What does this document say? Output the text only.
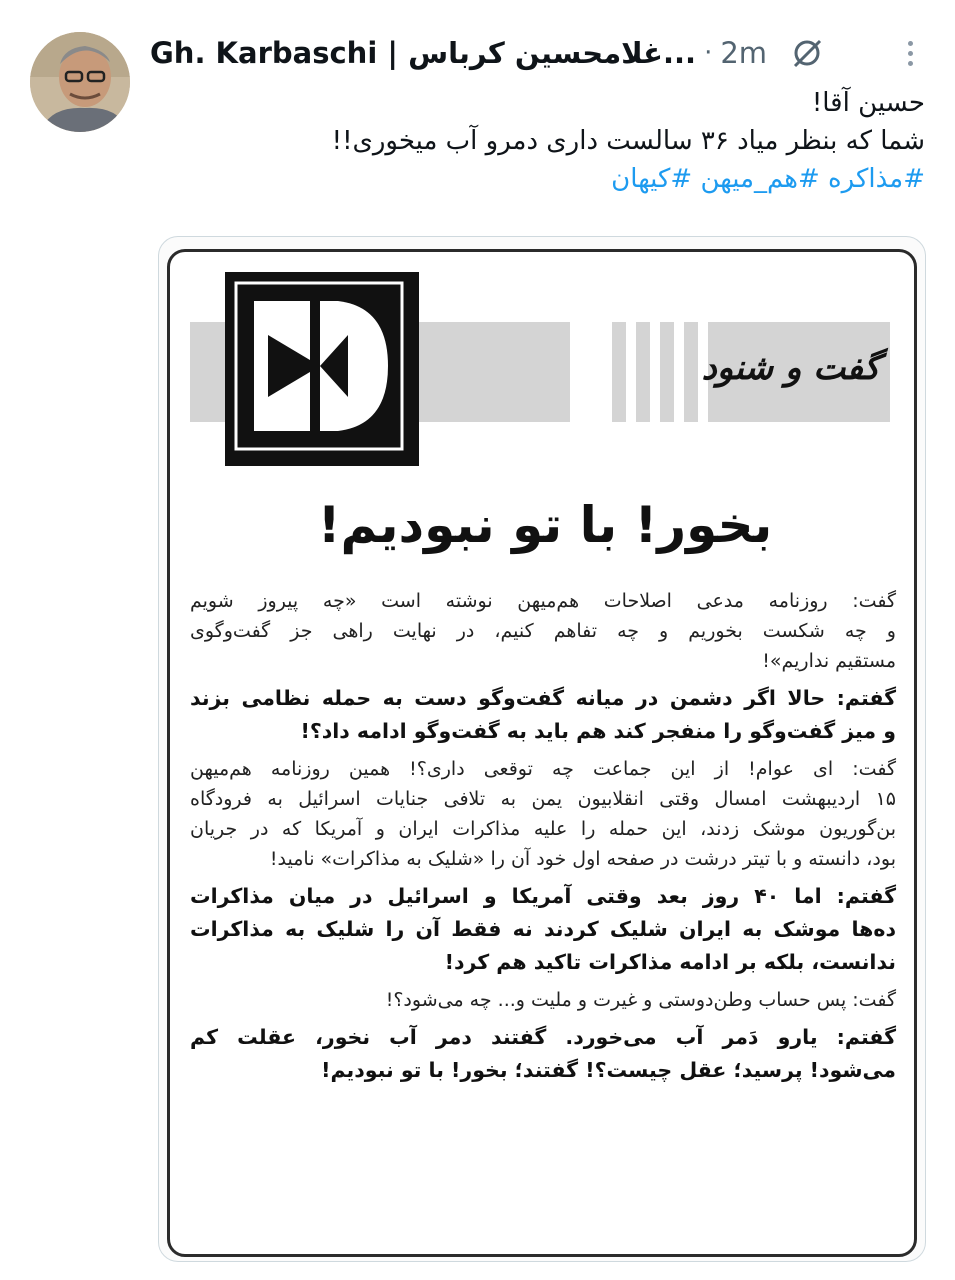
Gh. Karbaschi | غلامحسین کرباس... · 2m
حسین آقا!
شما که بنظر میاد ۳۶ سالست داری دمرو آب میخوری!!
#مذاکره #هم_میهن #کیهان
گفت و شنود
بخور! با تو نبودیم!
گفت: روزنامه مدعی اصلاحات هم‌میهن نوشته است «چه پیروز شویم
و چه شکست بخوریم و چه تفاهم کنیم، در نهایت راهی جز گفت‌وگوی
مستقیم نداریم»!
گفتم: حالا اگر دشمن در میانه گفت‌وگو دست به حمله نظامی بزند
و میز گفت‌وگو را منفجر کند هم باید به گفت‌وگو ادامه داد؟!
گفت: ای عوام! از این جماعت چه توقعی داری؟! همین روزنامه هم‌میهن
۱۵ اردیبهشت امسال وقتی انقلابیون یمن به تلافی جنایات اسرائیل به فرودگاه
بن‌گوریون موشک زدند، این حمله را علیه مذاکرات ایران و آمریکا که در جریان
بود، دانسته و با تیتر درشت در صفحه اول خود آن را «شلیک به مذاکرات» نامید!
گفتم: اما ۴۰ روز بعد وقتی آمریکا و اسرائیل در میان مذاکرات
ده‌ها موشک به ایران شلیک کردند نه فقط آن را شلیک به مذاکرات
ندانست، بلکه بر ادامه مذاکرات تاکید هم کرد!
گفت: پس حساب وطن‌دوستی و غیرت و ملیت و... چه می‌شود؟!
گفتم: یارو دَمر آب می‌خورد. گفتند دمر آب نخور، عقلت کم
می‌شود! پرسید؛ عقل چیست؟! گفتند؛ بخور! با تو نبودیم!
